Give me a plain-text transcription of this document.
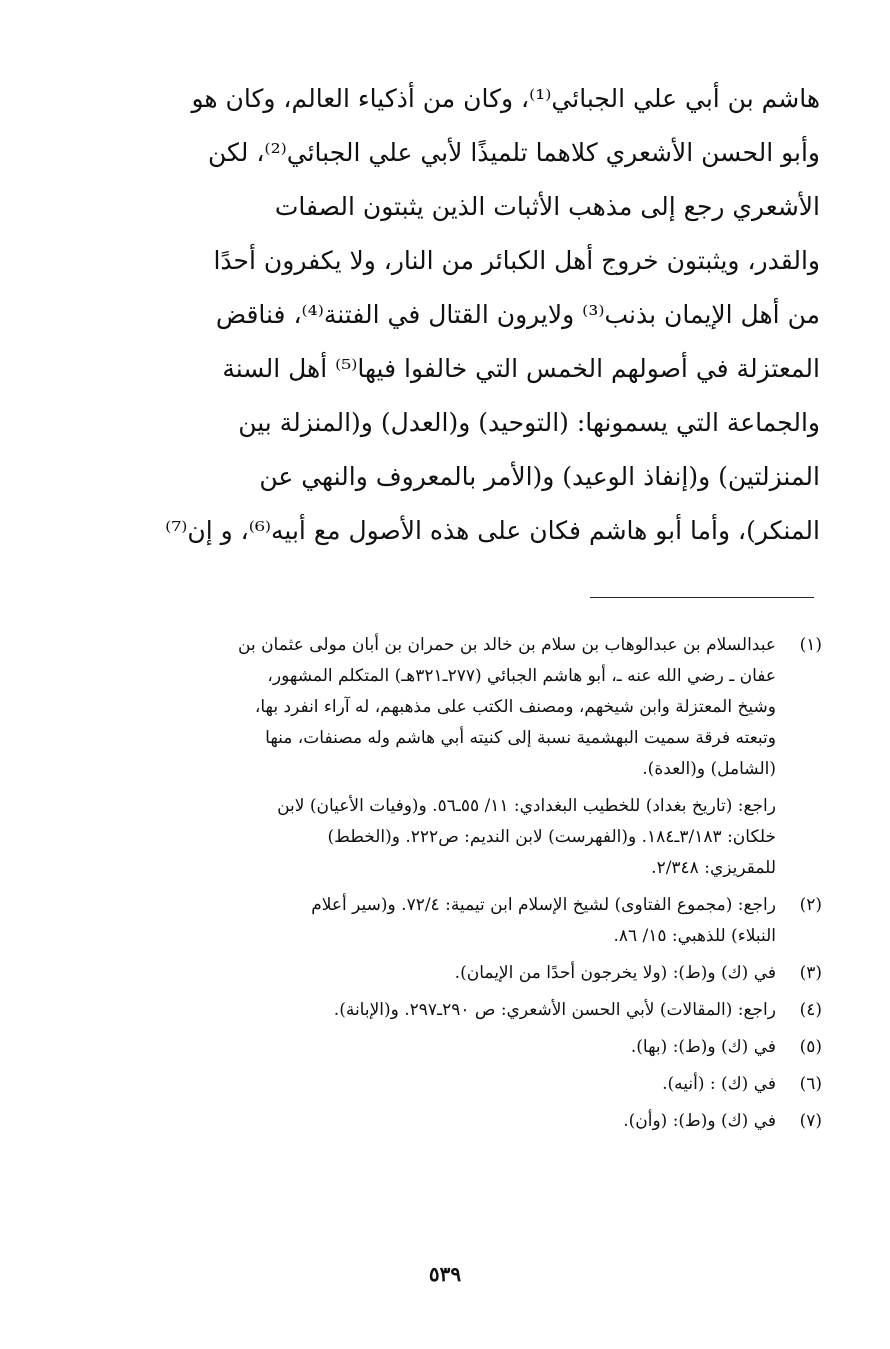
هاشم بن أبي علي الجبائي⁽¹⁾، وكان من أذكياء العالم، وكان هو
وأبو الحسن الأشعري كلاهما تلميذًا لأبي علي الجبائي⁽²⁾، لكن
الأشعري رجع إلى مذهب الأثبات الذين يثبتون الصفات
والقدر، ويثبتون خروج أهل الكبائر من النار، ولا يكفرون أحدًا
من أهل الإيمان بذنب⁽³⁾ ولايرون القتال في الفتنة⁽⁴⁾، فناقض
المعتزلة في أصولهم الخمس التي خالفوا فيها⁽⁵⁾ أهل السنة
والجماعة التي يسمونها: (التوحيد) و(العدل) و(المنزلة بين
المنزلتين) و(إنفاذ الوعيد) و(الأمر بالمعروف والنهي عن
المنكر)، وأما أبو هاشم فكان على هذه الأصول مع أبيه⁽⁶⁾، و إن⁽⁷⁾
(١)
عبدالسلام بن عبدالوهاب بن سلام بن خالد بن حمران بن أبان مولى عثمان بن
عفان ـ رضي الله عنه ـ، أبو هاشم الجبائي (٢٧٧ـ٣٢١هـ) المتكلم المشهور،
وشيخ المعتزلة وابن شيخهم، ومصنف الكتب على مذهبهم، له آراء انفرد بها،
وتبعته فرقة سميت البهشمية نسبة إلى كنيته أبي هاشم وله مصنفات، منها
(الشامل) و(العدة).
راجع: (تاريخ بغداد) للخطيب البغدادي: ١١/ ٥٥ـ٥٦. و(وفيات الأعيان) لابن
خلكان: ٣/١٨٣ـ١٨٤. و(الفهرست) لابن النديم: ص٢٢٢. و(الخطط)
للمقريزي: ٢/٣٤٨.
(٢)
راجع: (مجموع الفتاوى) لشيخ الإسلام ابن تيمية: ٧٢/٤. و(سير أعلام
النبلاء) للذهبي: ١٥/ ٨٦.
(٣)
في (ك) و(ط): (ولا يخرجون أحدًا من الإيمان).
(٤)
راجع: (المقالات) لأبي الحسن الأشعري: ص ٢٩٠ـ٢٩٧. و(الإبانة).
(٥)
في (ك) و(ط): (بها).
(٦)
في (ك) : (أنيه).
(٧)
في (ك) و(ط): (وأن).
٥٣٩
